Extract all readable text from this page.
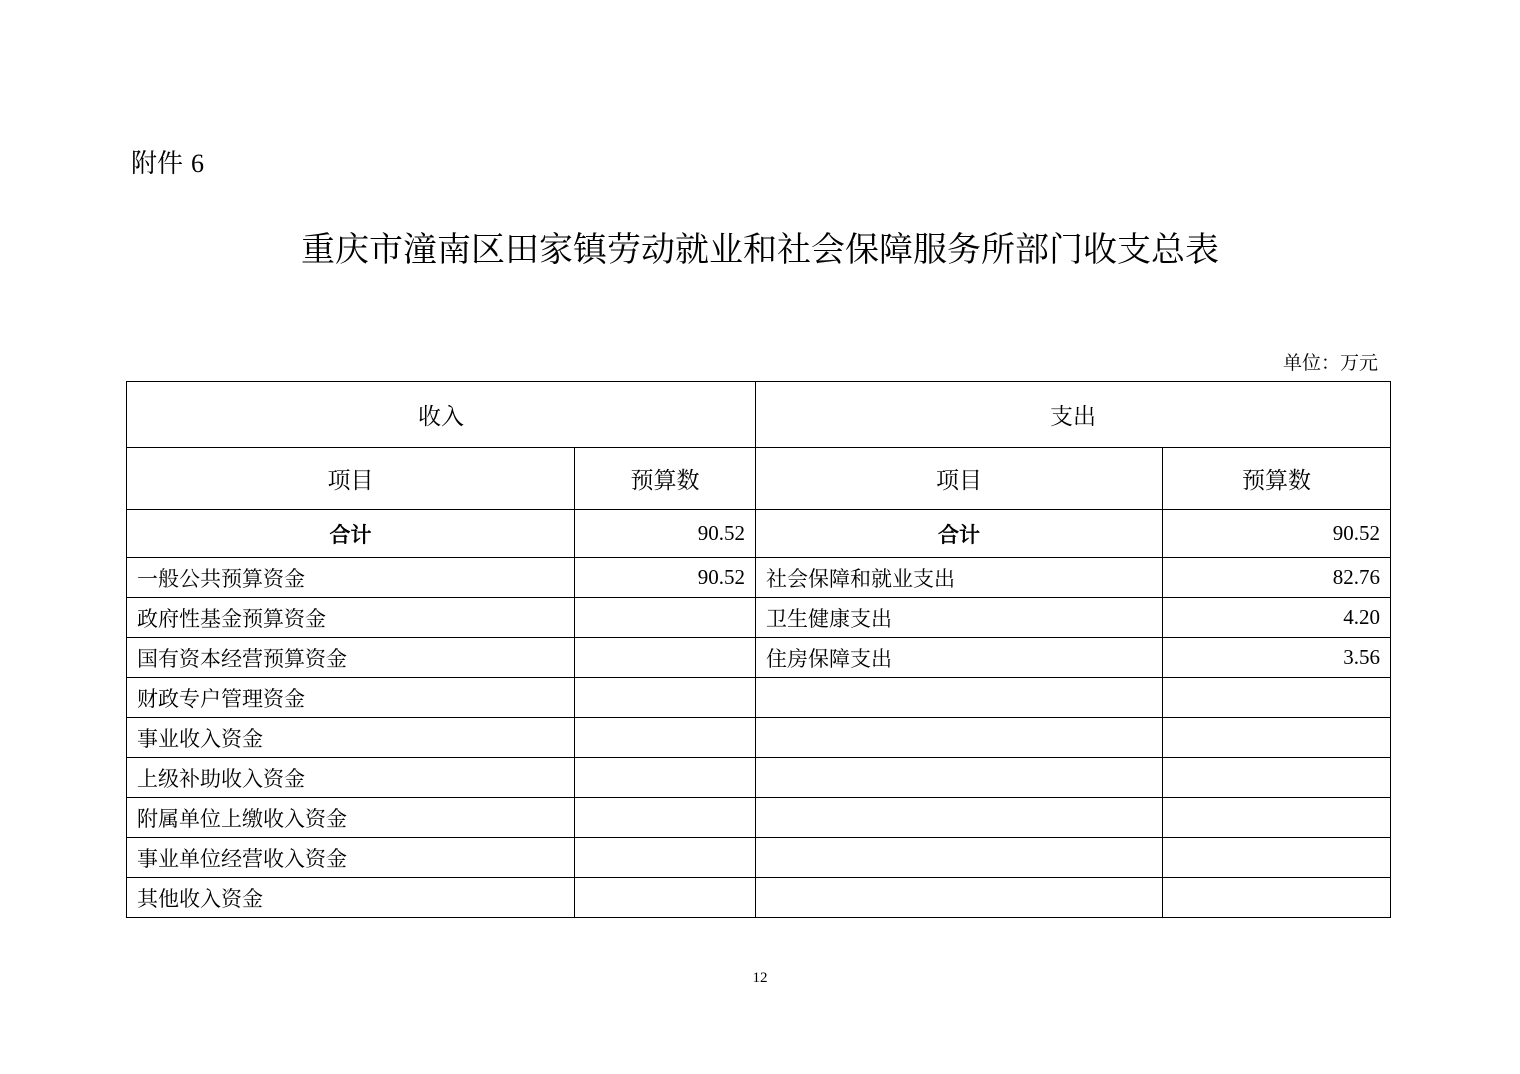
附件 6
重庆市潼南区田家镇劳动就业和社会保障服务所部门收支总表
单位：万元
收入		支出	
项目	预算数	项目	预算数
合计	90.52	合计	90.52
一般公共预算资金	90.52	社会保障和就业支出	82.76
政府性基金预算资金		卫生健康支出	4.20
国有资本经营预算资金		住房保障支出	3.56
财政专户管理资金			
事业收入资金			
上级补助收入资金			
附属单位上缴收入资金			
事业单位经营收入资金			
其他收入资金			
12
